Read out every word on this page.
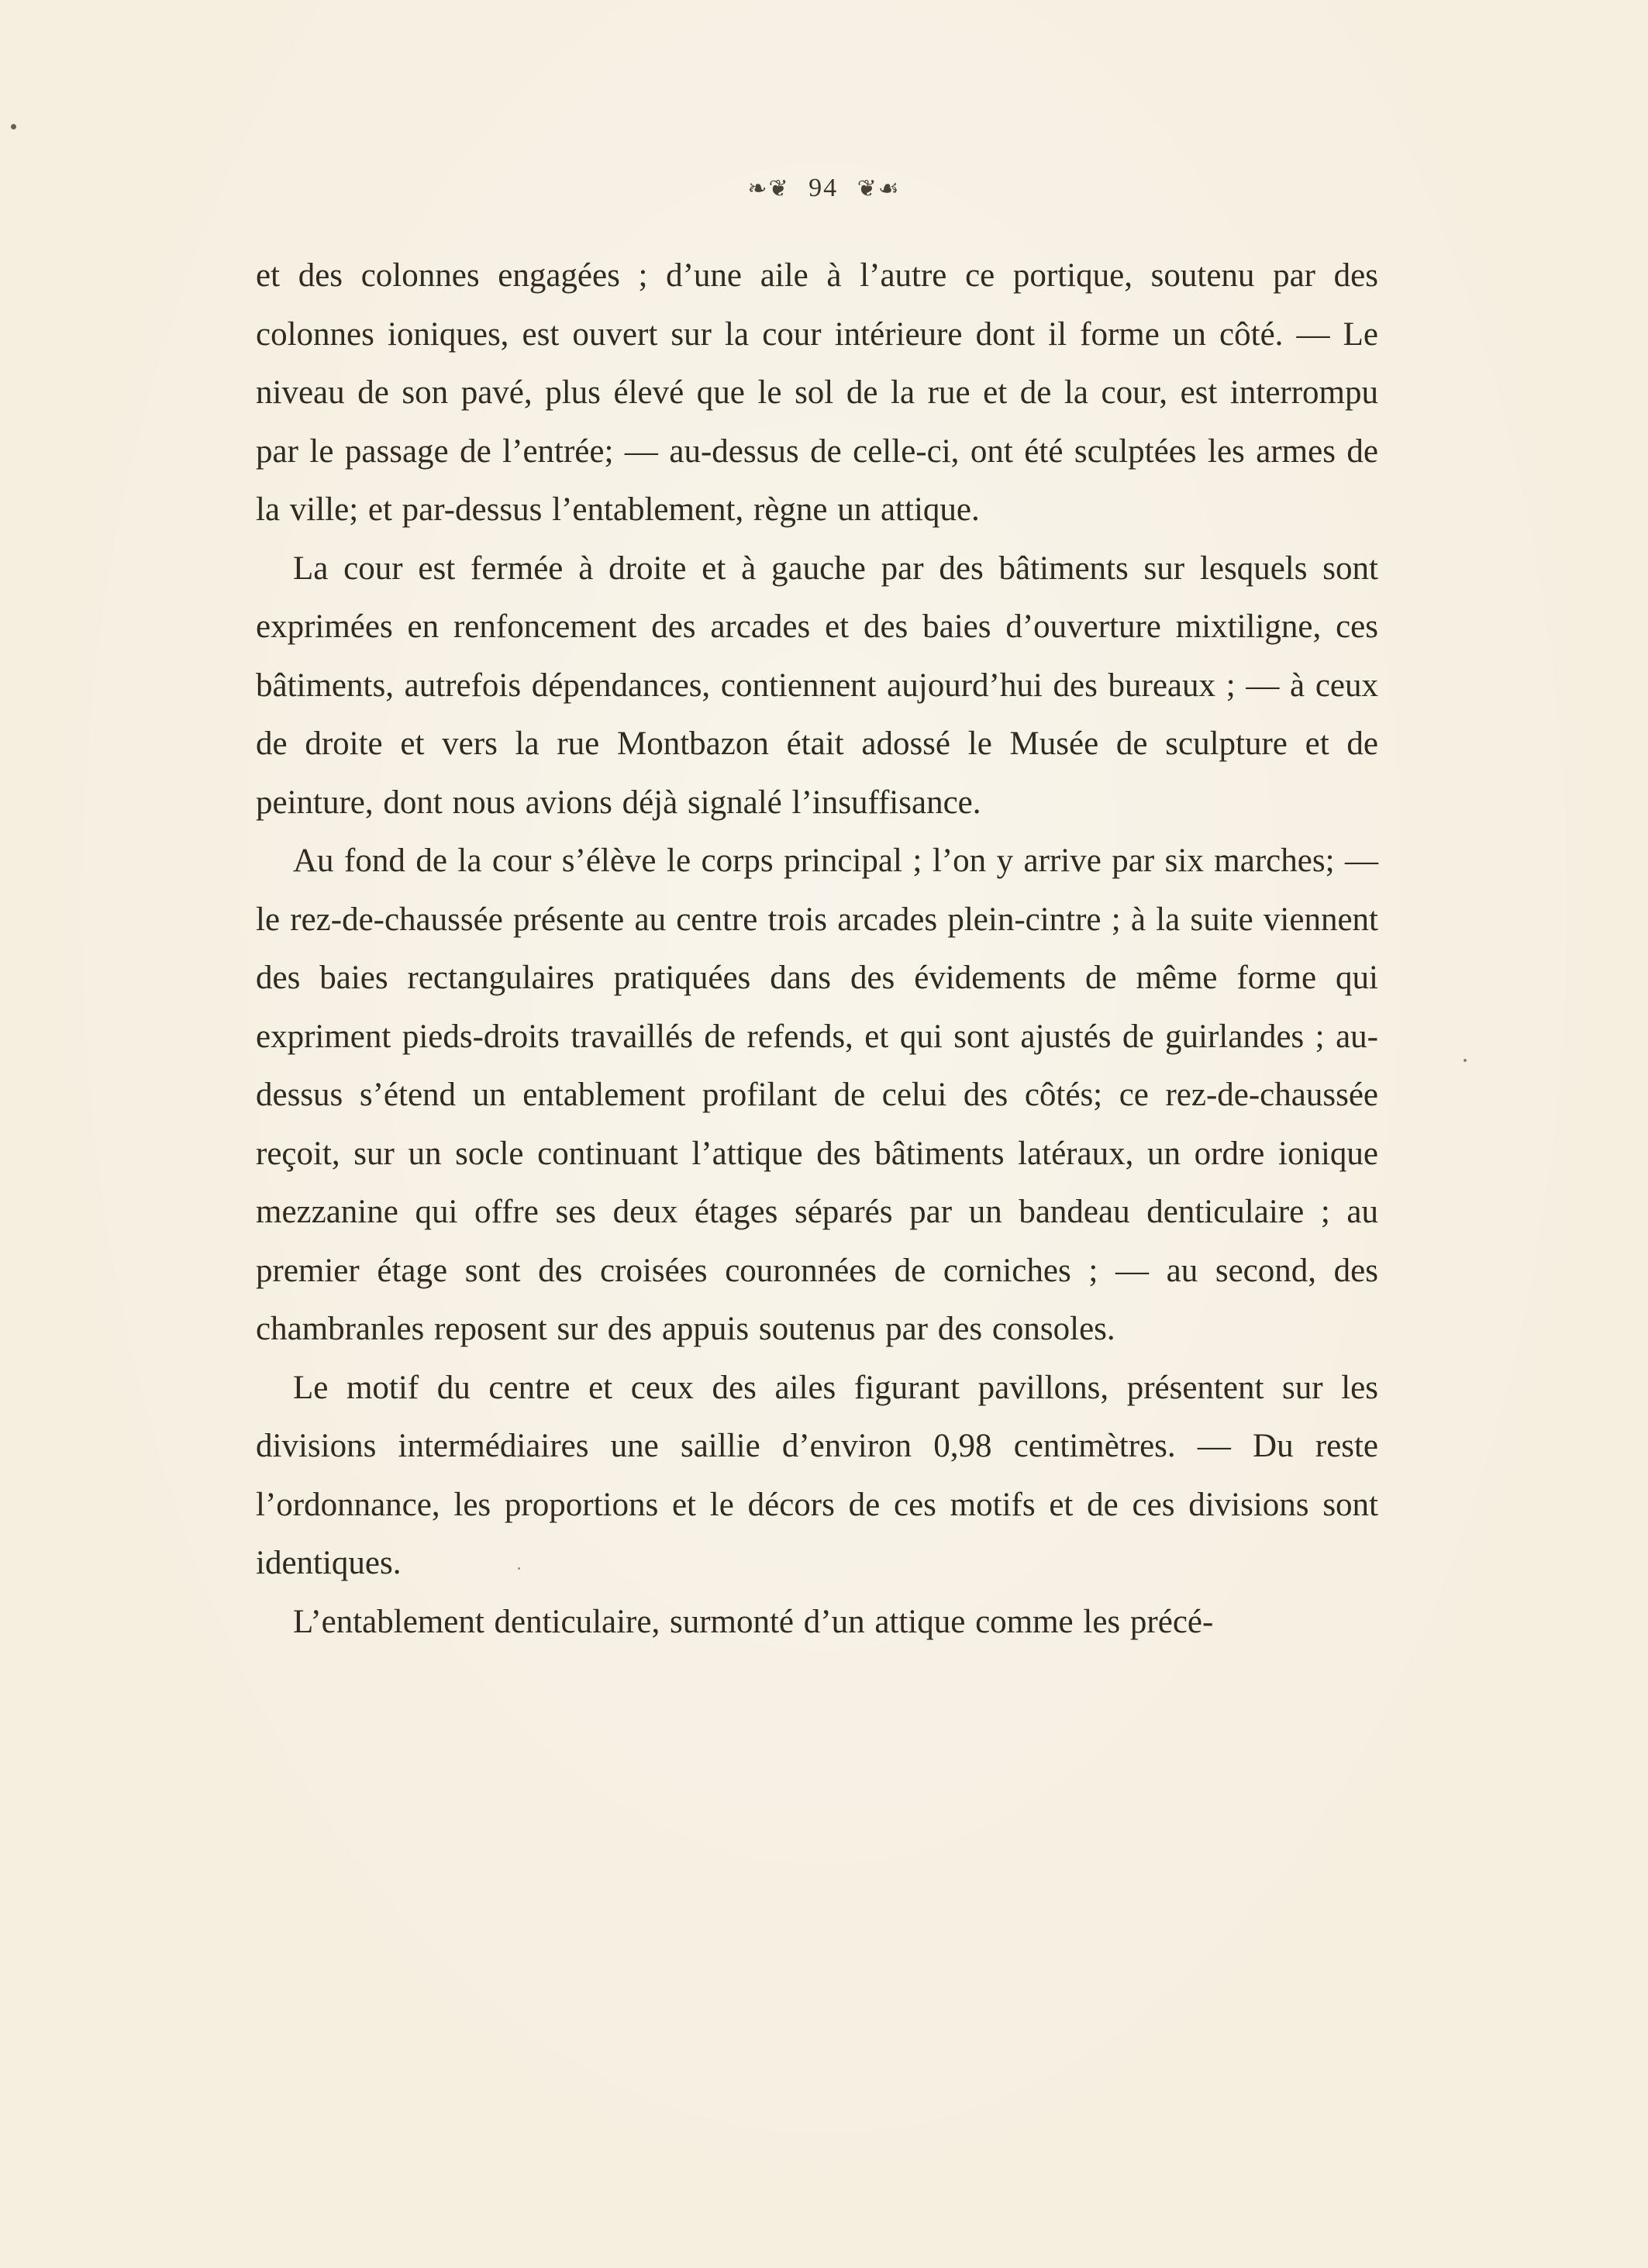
❧❦ 94 ❦☙

et des colonnes engagées ; d’une aile à l’autre ce portique, soutenu par des colonnes ioniques, est ouvert sur la cour intérieure dont il forme un côté. — Le niveau de son pavé, plus élevé que le sol de la rue et de la cour, est interrompu par le passage de l’entrée; — au-dessus de celle-ci, ont été sculptées les armes de la ville; et par-dessus l’entablement, règne un attique.

La cour est fermée à droite et à gauche par des bâtiments sur lesquels sont exprimées en renfoncement des arcades et des baies d’ouverture mixtiligne, ces bâtiments, autrefois dépendances, contiennent aujourd’hui des bureaux ; — à ceux de droite et vers la rue Montbazon était adossé le Musée de sculpture et de peinture, dont nous avions déjà signalé l’insuffisance.

Au fond de la cour s’élève le corps principal ; l’on y arrive par six marches; — le rez-de-chaussée présente au centre trois arcades plein-cintre ; à la suite viennent des baies rectangulaires pratiquées dans des évidements de même forme qui expriment pieds-droits travaillés de refends, et qui sont ajustés de guirlandes ; au-dessus s’étend un entablement profilant de celui des côtés; ce rez-de-chaussée reçoit, sur un socle continuant l’attique des bâtiments latéraux, un ordre ionique mezzanine qui offre ses deux étages séparés par un bandeau denticulaire ; au premier étage sont des croisées couronnées de corniches ; — au second, des chambranles reposent sur des appuis soutenus par des consoles.

Le motif du centre et ceux des ailes figurant pavillons, présentent sur les divisions intermédiaires une saillie d’environ 0,98 centimètres. — Du reste l’ordonnance, les proportions et le décors de ces motifs et de ces divisions sont identiques.

L’entablement denticulaire, surmonté d’un attique comme les précé-
